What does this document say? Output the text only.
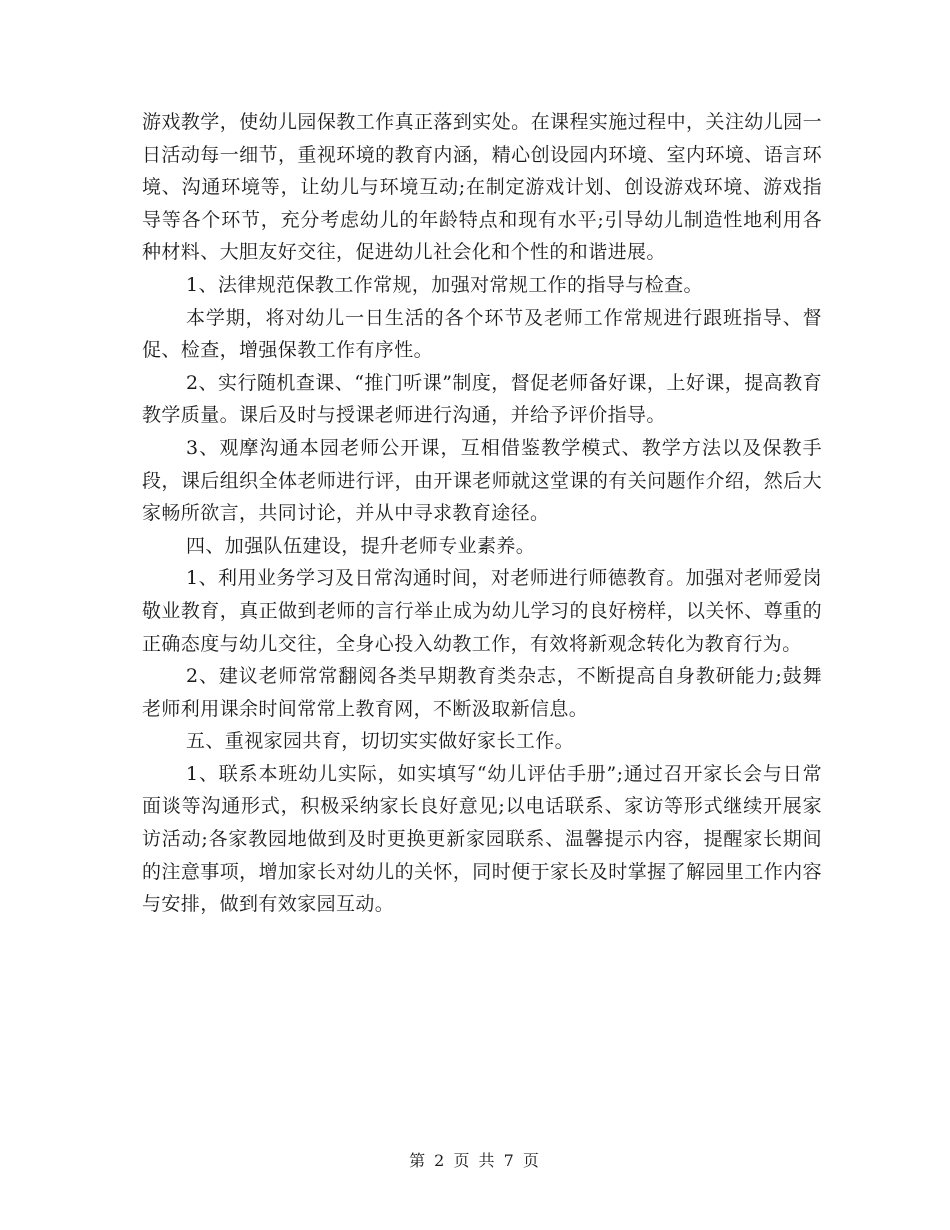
游戏教学，使幼儿园保教工作真正落到实处。在课程实施过程中，关注幼儿园一日活动每一细节，重视环境的教育内涵，精心创设园内环境、室内环境、语言环境、沟通环境等，让幼儿与环境互动;在制定游戏计划、创设游戏环境、游戏指导等各个环节，充分考虑幼儿的年龄特点和现有水平;引导幼儿制造性地利用各种材料、大胆友好交往，促进幼儿社会化和个性的和谐进展。

1、法律规范保教工作常规，加强对常规工作的指导与检查。

本学期，将对幼儿一日生活的各个环节及老师工作常规进行跟班指导、督促、检查，增强保教工作有序性。

2、实行随机查课、“推门听课”制度，督促老师备好课，上好课，提高教育教学质量。课后及时与授课老师进行沟通，并给予评价指导。

3、观摩沟通本园老师公开课，互相借鉴教学模式、教学方法以及保教手段，课后组织全体老师进行评，由开课老师就这堂课的有关问题作介绍，然后大家畅所欲言，共同讨论，并从中寻求教育途径。

四、加强队伍建设，提升老师专业素养。

1、利用业务学习及日常沟通时间，对老师进行师德教育。加强对老师爱岗敬业教育，真正做到老师的言行举止成为幼儿学习的良好榜样，以关怀、尊重的正确态度与幼儿交往，全身心投入幼教工作，有效将新观念转化为教育行为。

2、建议老师常常翻阅各类早期教育类杂志，不断提高自身教研能力;鼓舞老师利用课余时间常常上教育网，不断汲取新信息。

五、重视家园共育，切切实实做好家长工作。

1、联系本班幼儿实际，如实填写“幼儿评估手册”;通过召开家长会与日常面谈等沟通形式，积极采纳家长良好意见;以电话联系、家访等形式继续开展家访活动;各家教园地做到及时更换更新家园联系、温馨提示内容，提醒家长期间的注意事项，增加家长对幼儿的关怀，同时便于家长及时掌握了解园里工作内容与安排，做到有效家园互动。

第 2 页 共 7 页
